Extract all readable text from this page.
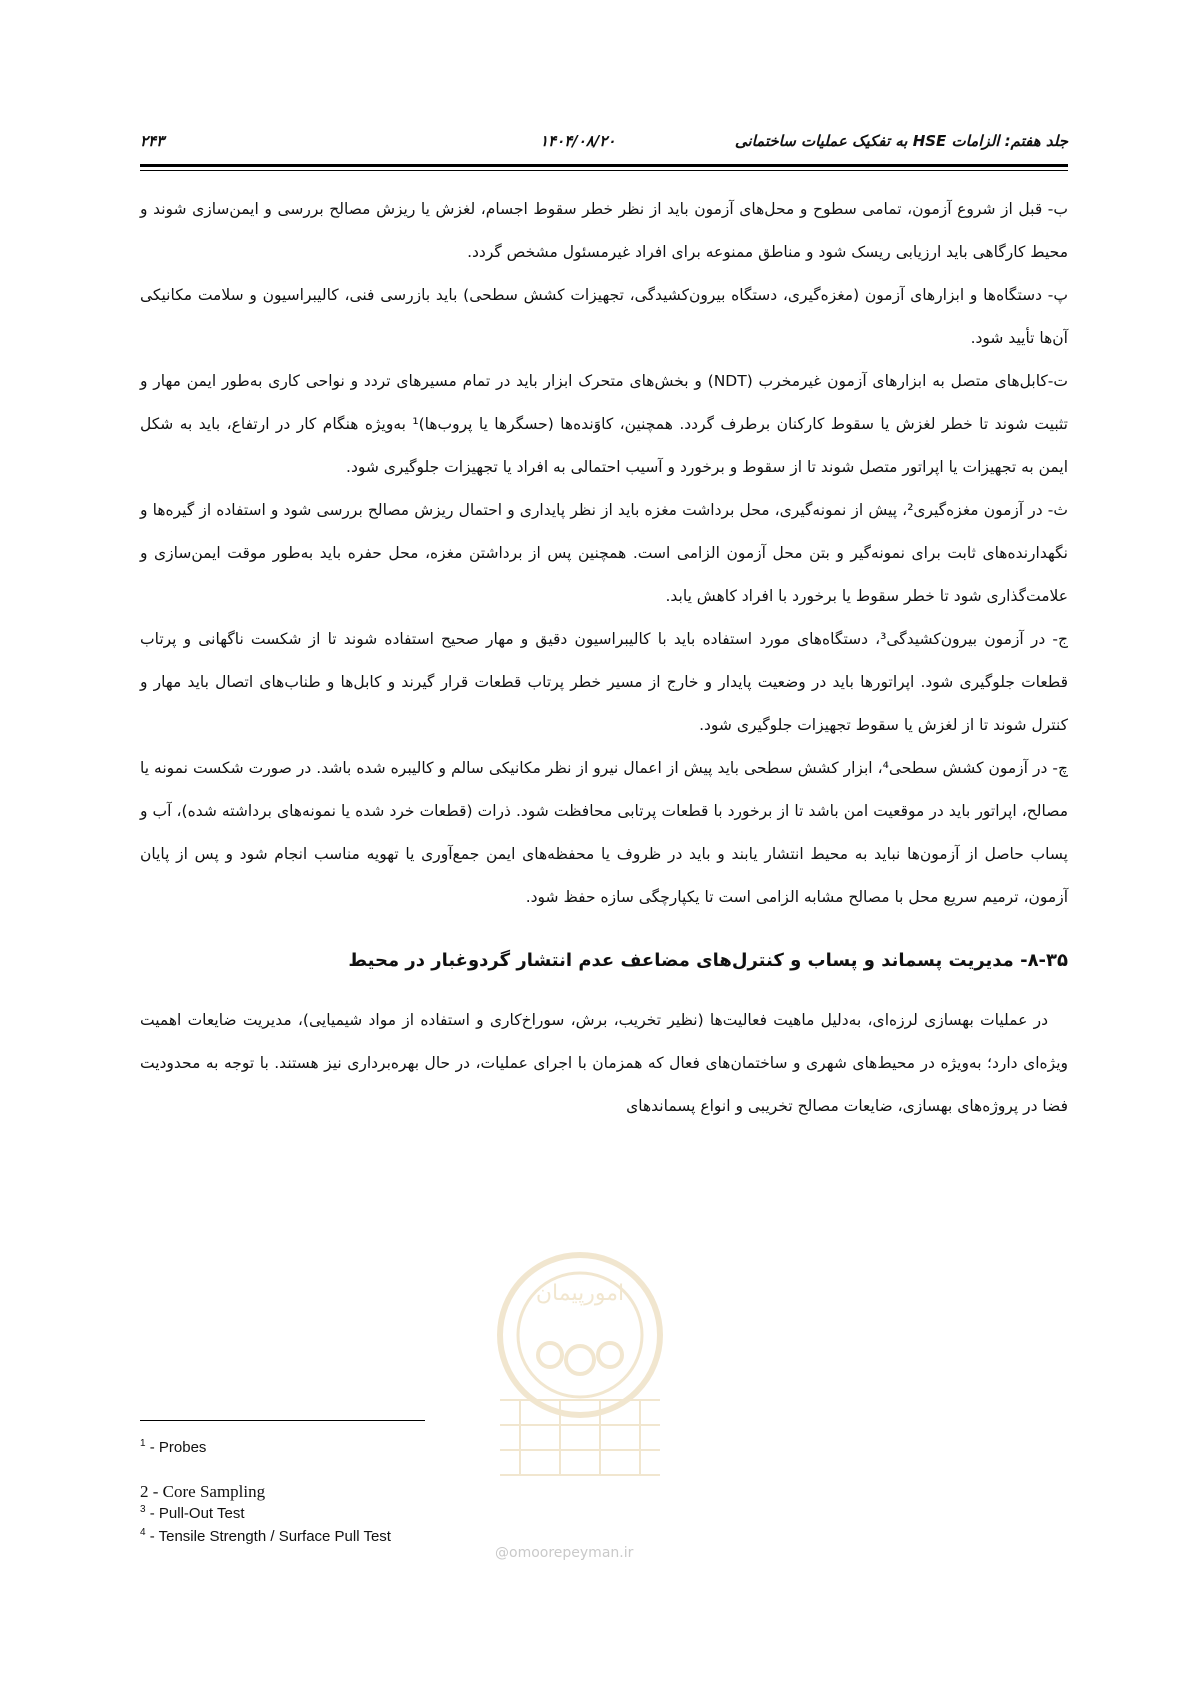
جلد هفتم: الزامات HSE به تفکیک عملیات ساختمانی
۱۴۰۴/۰۸/۲۰
۲۴۳

ب- قبل از شروع آزمون، تمامی سطوح و محل‌های آزمون باید از نظر خطر سقوط اجسام، لغزش یا ریزش مصالح بررسی و ایمن‌سازی شوند و محیط کارگاهی باید ارزیابی ریسک شود و مناطق ممنوعه برای افراد غیرمسئول مشخص گردد.

پ- دستگاه‌ها و ابزارهای آزمون (مغزه‌گیری، دستگاه بیرون‌کشیدگی، تجهیزات کشش سطحی) باید بازرسی فنی، کالیبراسیون و سلامت مکانیکی آن‌ها تأیید شود.

ت-کابل‌های متصل به ابزارهای آزمون غیرمخرب (NDT) و بخش‌های متحرک ابزار باید در تمام مسیرهای تردد و نواحی کاری به‌طور ایمن مهار و تثبیت شوند تا خطر لغزش یا سقوط کارکنان برطرف گردد. همچنین، کاوَنده‌ها (حسگرها یا پروب‌ها)¹ به‌ویژه هنگام کار در ارتفاع، باید به شکل ایمن به تجهیزات یا اپراتور متصل شوند تا از سقوط و برخورد و آسیب احتمالی به افراد یا تجهیزات جلوگیری شود.

ث- در آزمون مغزه‌گیری²، پیش از نمونه‌گیری، محل برداشت مغزه باید از نظر پایداری و احتمال ریزش مصالح بررسی شود و استفاده از گیره‌ها و نگهدارنده‌های ثابت برای نمونه‌گیر و بتن محل آزمون الزامی است. همچنین پس از برداشتن مغزه، محل حفره باید به‌طور موقت ایمن‌سازی و علامت‌گذاری شود تا خطر سقوط یا برخورد با افراد کاهش یابد.

ج- در آزمون بیرون‌کشیدگی³، دستگاه‌های مورد استفاده باید با کالیبراسیون دقیق و مهار صحیح استفاده شوند تا از شکست ناگهانی و پرتاب قطعات جلوگیری شود. اپراتورها باید در وضعیت پایدار و خارج از مسیر خطر پرتاب قطعات قرار گیرند و کابل‌ها و طناب‌های اتصال باید مهار و کنترل شوند تا از لغزش یا سقوط تجهیزات جلوگیری شود.

چ- در آزمون کشش سطحی⁴، ابزار کشش سطحی باید پیش از اعمال نیرو از نظر مکانیکی سالم و کالیبره شده باشد. در صورت شکست نمونه یا مصالح، اپراتور باید در موقعیت امن باشد تا از برخورد با قطعات پرتابی محافظت شود. ذرات (قطعات خرد شده یا نمونه‌های برداشته شده)، آب و پساب حاصل از آزمون‌ها نباید به محیط انتشار یابند و باید در ظروف یا محفظه‌های ایمن جمع‌آوری یا تهویه مناسب انجام شود و پس از پایان آزمون، ترمیم سریع محل با مصالح مشابه الزامی است تا یکپارچگی سازه حفظ شود.

۸-۳۵- مدیریت پسماند و پساب و کنترل‌های مضاعف عدم انتشار گردوغبار در محیط

در عملیات بهسازی لرزه‌ای، به‌دلیل ماهیت فعالیت‌ها (نظیر تخریب، برش، سوراخ‌کاری و استفاده از مواد شیمیایی)، مدیریت ضایعات اهمیت ویژه‌ای دارد؛ به‌ویژه در محیط‌های شهری و ساختمان‌های فعال که همزمان با اجرای عملیات، در حال بهره‌برداری نیز هستند. با توجه به محدودیت فضا در پروژه‌های بهسازی، ضایعات مصالح تخریبی و انواع پسماندهای

امورپیمان
@omoorepeyman.ir
$^1$ - Probes
2 - Core Sampling
$^3$ - Pull-Out Test
$^4$ - Tensile Strength / Surface Pull Test
